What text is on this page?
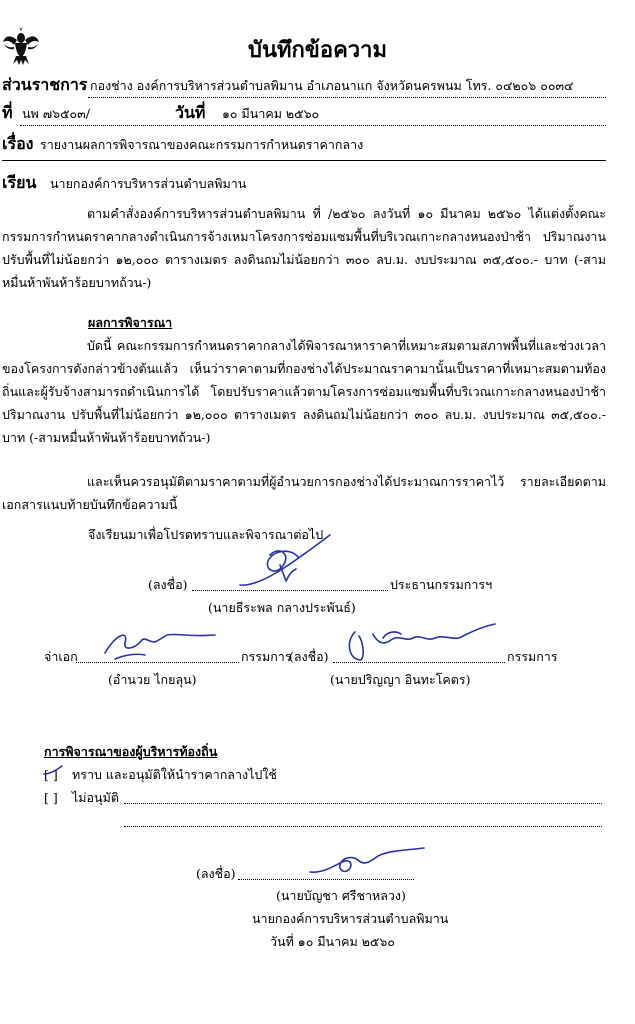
บันทึกข้อความ
ส่วนราชการ กองช่าง องค์การบริหารส่วนตำบลพิมาน อำเภอนาแก จังหวัดนครพนม โทร. ๐๔๒๐๖ ๐๐๓๔
ที่ นพ ๗๖๕๐๓/	วันที่ ๑๐ มีนาคม ๒๕๖๐
เรื่อง รายงานผลการพิจารณาของคณะกรรมการกำหนดราคากลาง
เรียน นายกองค์การบริหารส่วนตำบลพิมาน
ตามคำสั่งองค์การบริหารส่วนตำบลพิมาน ที่ /๒๕๖๐ ลงวันที่ ๑๐ มีนาคม ๒๕๖๐ ได้แต่งตั้งคณะกรรมการกำหนดราคากลางดำเนินการจ้างเหมาโครงการซ่อมแซมพื้นที่บริเวณเกาะกลางหนองป่าช้า ปริมาณงาน ปรับพื้นที่ไม่น้อยกว่า ๑๒,๐๐๐ ตารางเมตร ลงดินถมไม่น้อยกว่า ๓๐๐ ลบ.ม. งบประมาณ ๓๕,๕๐๐.- บาท (-สามหมื่นห้าพันห้าร้อยบาทถ้วน-)
ผลการพิจารณา
บัดนี้ คณะกรรมการกำหนดราคากลางได้พิจารณาหาราคาที่เหมาะสมตามสภาพพื้นที่และช่วงเวลาของโครงการดังกล่าวข้างต้นแล้ว เห็นว่าราคาตามที่กองช่างได้ประมาณราคามานั้นเป็นราคาที่เหมาะสมตามท้องถิ่นและผู้รับจ้างสามารถดำเนินการได้ โดยปรับราคาแล้วตามโครงการซ่อมแซมพื้นที่บริเวณเกาะกลางหนองป่าช้า ปริมาณงาน ปรับพื้นที่ไม่น้อยกว่า ๑๒,๐๐๐ ตารางเมตร ลงดินถมไม่น้อยกว่า ๓๐๐ ลบ.ม. งบประมาณ ๓๕,๕๐๐.- บาท (-สามหมื่นห้าพันห้าร้อยบาทถ้วน-)
และเห็นควรอนุมัติตามราคาตามที่ผู้อำนวยการกองช่างได้ประมาณการราคาไว้ รายละเอียดตามเอกสารแนบท้ายบันทึกข้อความนี้
จึงเรียนมาเพื่อโปรดทราบและพิจารณาต่อไป
(ลงชื่อ)	ประธานกรรมการฯ
(นายธีระพล กลางประพันธ์)
จ่าเอก	กรรมการ
(อำนวย ไกยลุน)
(ลงชื่อ)	กรรมการ
(นายปริญญา อินทะโคตร)
การพิจารณาของผู้บริหารท้องถิ่น
[ ] ทราบ และอนุมัติให้นำราคากลางไปใช้
[ ] ไม่อนุมัติ
(ลงชื่อ)
(นายบัญชา ศรีชาหลวง)
นายกองค์การบริหารส่วนตำบลพิมาน
วันที่ ๑๐ มีนาคม ๒๕๖๐
